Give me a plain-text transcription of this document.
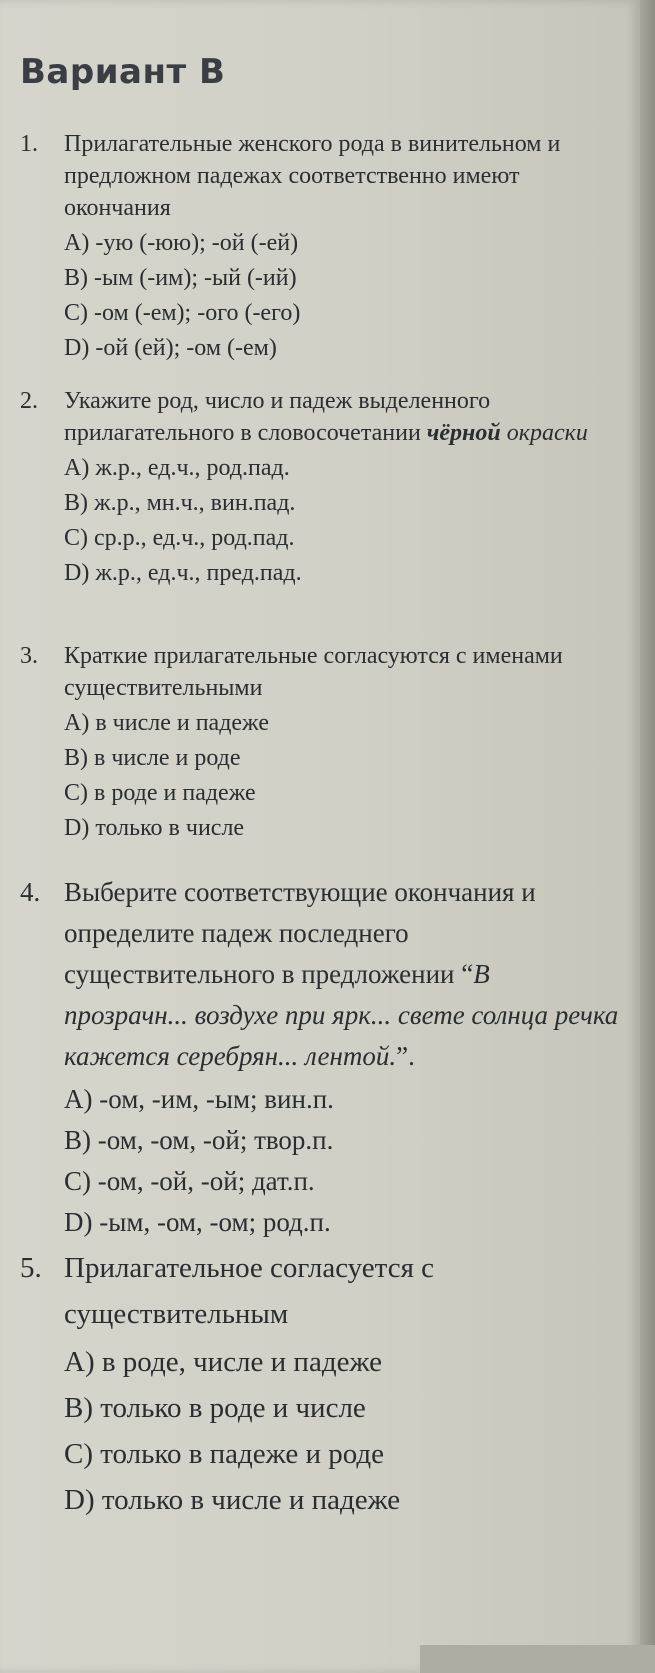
Вариант B

1. Прилагательные женского рода в винительном и предложном падежах соответственно имеют окончания

A) -ую (-юю); -ой (-ей)
B) -ым (-им); -ый (-ий)
C) -ом (-ем); -ого (-его)
D) -ой (ей); -ом (-ем)

2. Укажите род, число и падеж выделенного прилагательного в словосочетании чёрной окраски

A) ж.р., ед.ч., род.пад.
B) ж.р., мн.ч., вин.пад.
C) ср.р., ед.ч., род.пад.
D) ж.р., ед.ч., пред.пад.

3. Краткие прилагательные согласуются с именами существительными

A) в числе и падеже
B) в числе и роде
C) в роде и падеже
D) только в числе

4. Выберите соответствующие окончания и определите падеж последнего существительного в предложении “В прозрачн... воздухе при ярк... свете солнца речка кажется серебрян... лентой.”.

A) -ом, -им, -ым; вин.п.
B) -ом, -ом, -ой; твор.п.
C) -ом, -ой, -ой; дат.п.
D) -ым, -ом, -ом; род.п.

5. Прилагательное согласуется с существительным

A) в роде, числе и падеже
B) только в роде и числе
C) только в падеже и роде
D) только в числе и падеже
